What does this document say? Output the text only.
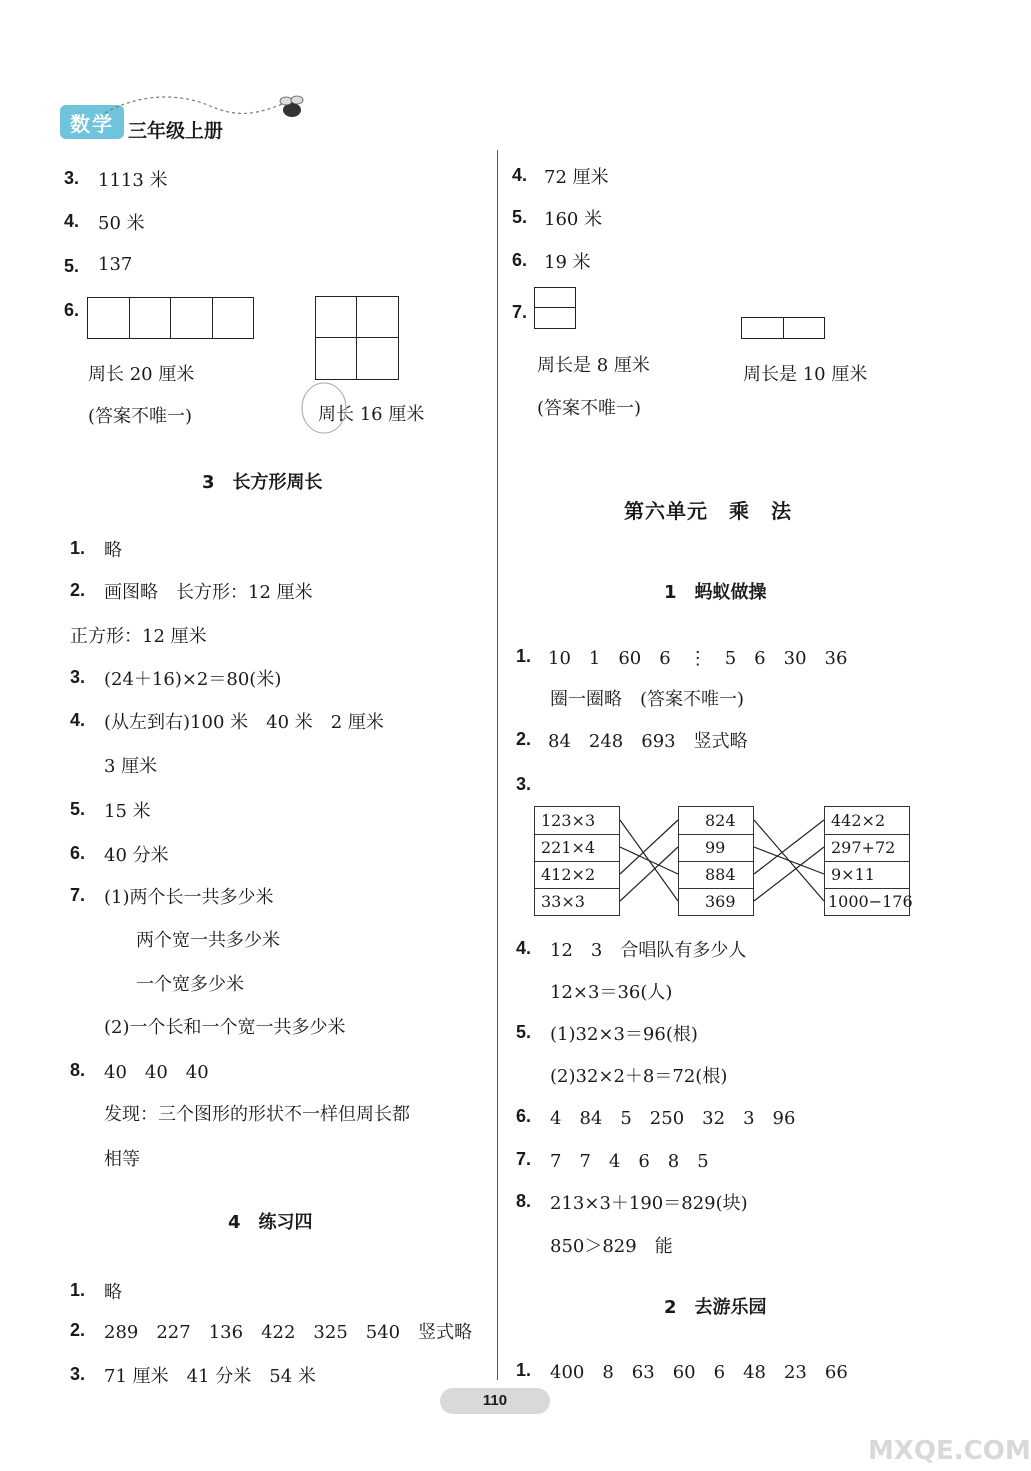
数学 三年级上册
3. 1113 米
4. 50 米
5. 137
6.
周长 20 厘米
(答案不唯一)	周长 16 厘米
3　长方形周长
1. 略
2. 画图略　长方形：12 厘米
正方形：12 厘米
3. (24＋16)×2＝80(米)
4. (从左到右)100 米　40 米　2 厘米
3 厘米
5. 15 米
6. 40 分米
7. (1)两个长一共多少米
两个宽一共多少米
一个宽多少米
(2)一个长和一个宽一共多少米
8. 40　40　40
发现：三个图形的形状不一样但周长都
相等
4　练习四
1. 略
2. 289　227　136　422　325　540　竖式略
3. 71 厘米　41 分米　54 米
4. 72 厘米
5. 160 米
6. 19 米
7.
周长是 8 厘米
(答案不唯一)
周长是 10 厘米
第六单元　乘　法
1　蚂蚁做操
1. 10　1　60　6　⋮　5　6　30　36
圈一圈略　(答案不唯一)
2. 84　248　693　竖式略
3.
123×3
221×4
412×2
33×3
824
99
884
369
442×2
297+72
9×11
1000−176
4. 12　3　合唱队有多少人
12×3＝36(人)
5. (1)32×3＝96(根)
(2)32×2＋8＝72(根)
6. 4　84　5　250　32　3　96
7. 7　7　4　6　8　5
8. 213×3＋190＝829(块)
850＞829　能
2　去游乐园
1. 400　8　63　60　6　48　23　66
110
MXQE.COM
